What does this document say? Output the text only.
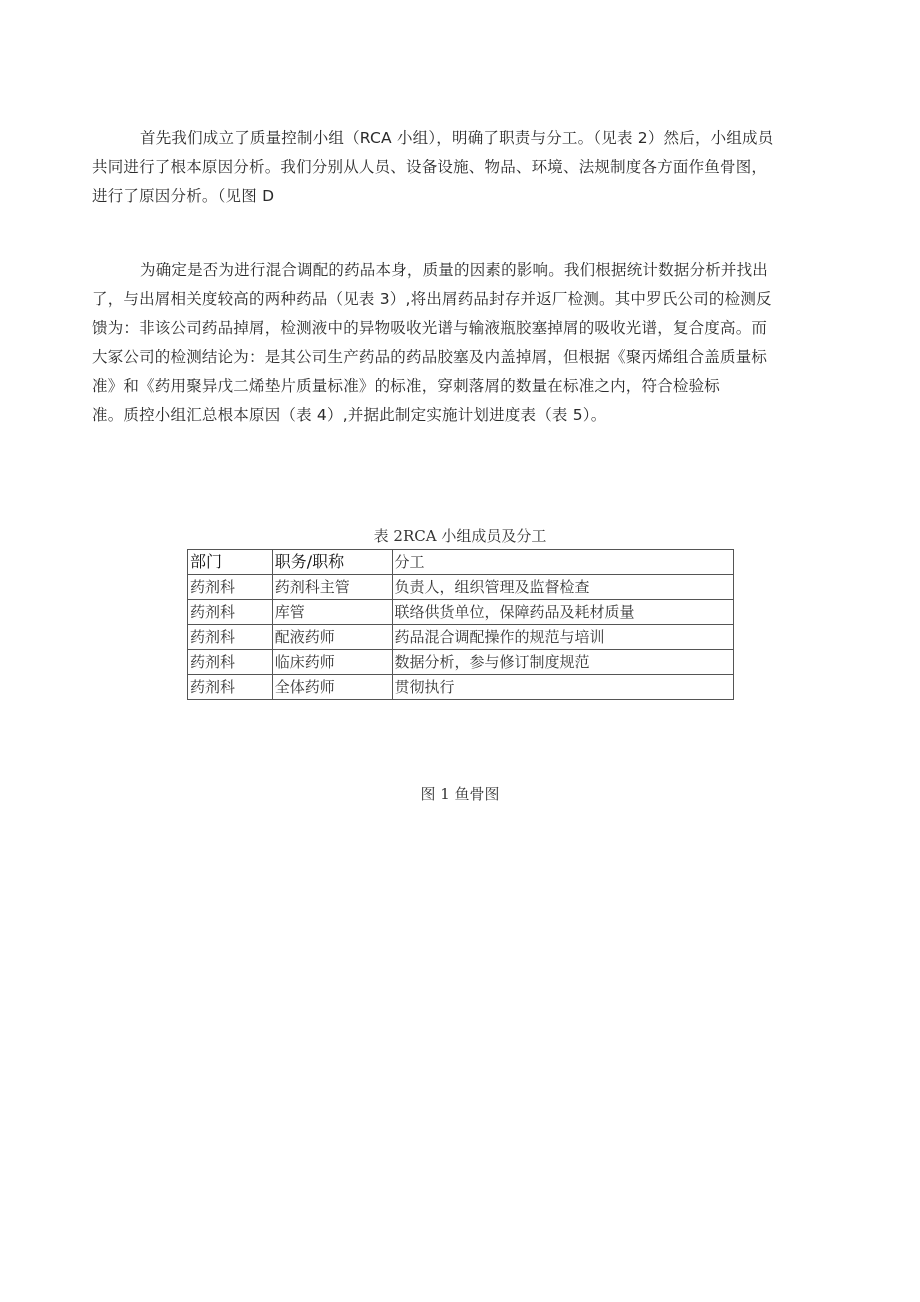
首先我们成立了质量控制小组（RCA 小组），明确了职责与分工。（见表 2）然后，小组成员
共同进行了根本原因分析。我们分别从人员、设备设施、物品、环境、法规制度各方面作鱼骨图，
进行了原因分析。（见图 D
为确定是否为进行混合调配的药品本身，质量的因素的影响。我们根据统计数据分析并找出
了，与出屑相关度较高的两种药品（见表 3）,将出屑药品封存并返厂检测。其中罗氏公司的检测反
馈为：非该公司药品掉屑，检测液中的异物吸收光谱与输液瓶胶塞掉屑的吸收光谱，复合度高。而
大冢公司的检测结论为：是其公司生产药品的药品胶塞及内盖掉屑，但根据《聚丙烯组合盖质量标
准》和《药用聚异戊二烯垫片质量标准》的标准，穿刺落屑的数量在标准之内，符合检验标
准。质控小组汇总根本原因（表 4）,并据此制定实施计划进度表（表 5）。
表 2RCA 小组成员及分工
部门	职务/职称	分工
药剂科	药剂科主管	负责人，组织管理及监督检查
药剂科	库管	联络供货单位，保障药品及耗材质量
药剂科	配液药师	药品混合调配操作的规范与培训
药剂科	临床药师	数据分析，参与修订制度规范
药剂科	全体药师	贯彻执行
图 1 鱼骨图
